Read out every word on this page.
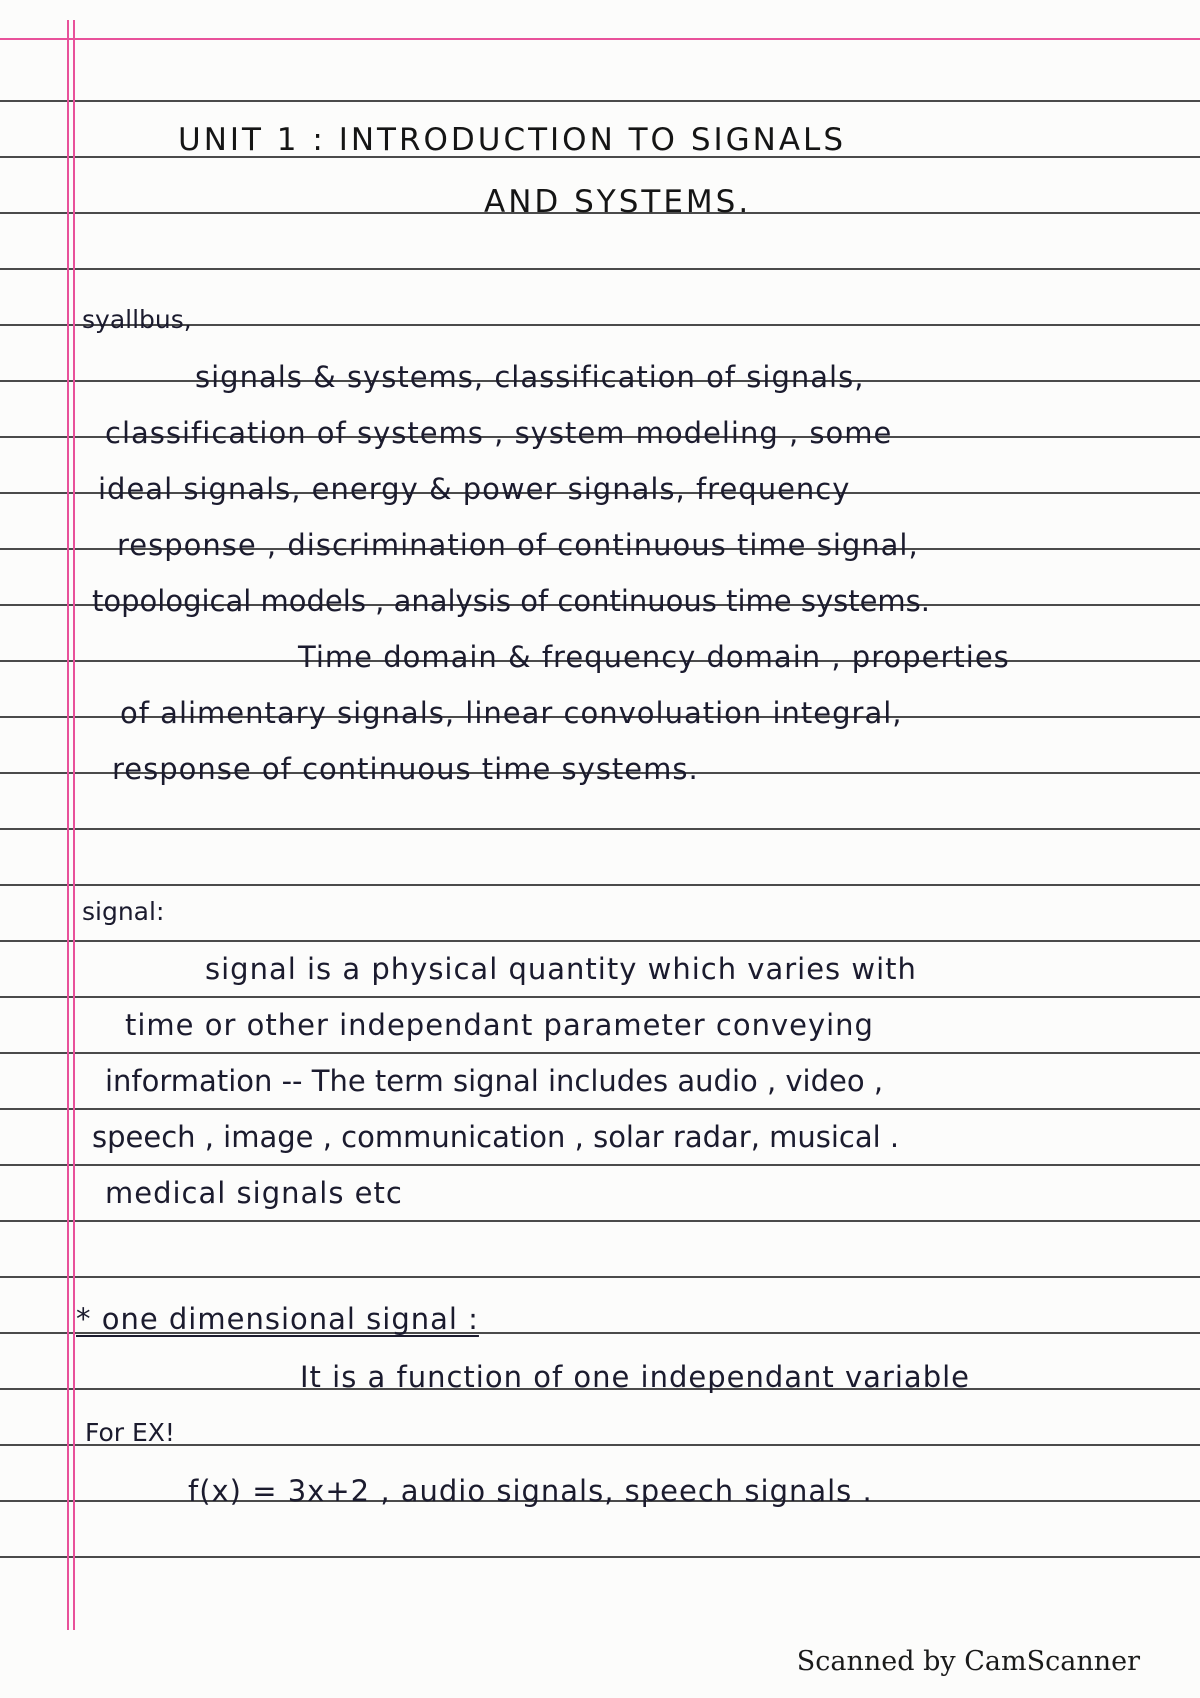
UNIT 1 : INTRODUCTION TO SIGNALS
AND SYSTEMS.
syallbus,
signals & systems, classification of signals,
classification of systems , system modeling , some
ideal signals, energy & power signals, frequency
response , discrimination of continuous time signal,
topological models , analysis of continuous time systems.
Time domain & frequency domain , properties
of alimentary signals, linear convoluation integral,
response of continuous time systems.
signal:
signal is a physical quantity which varies with
time or other independant parameter conveying
information -- The term signal includes audio , video ,
speech , image , communication , solar radar, musical .
medical signals etc
* one dimensional signal :
It is a function of one independant variable
For EX!
f(x) = 3x+2 , audio signals, speech signals .
Scanned by CamScanner
